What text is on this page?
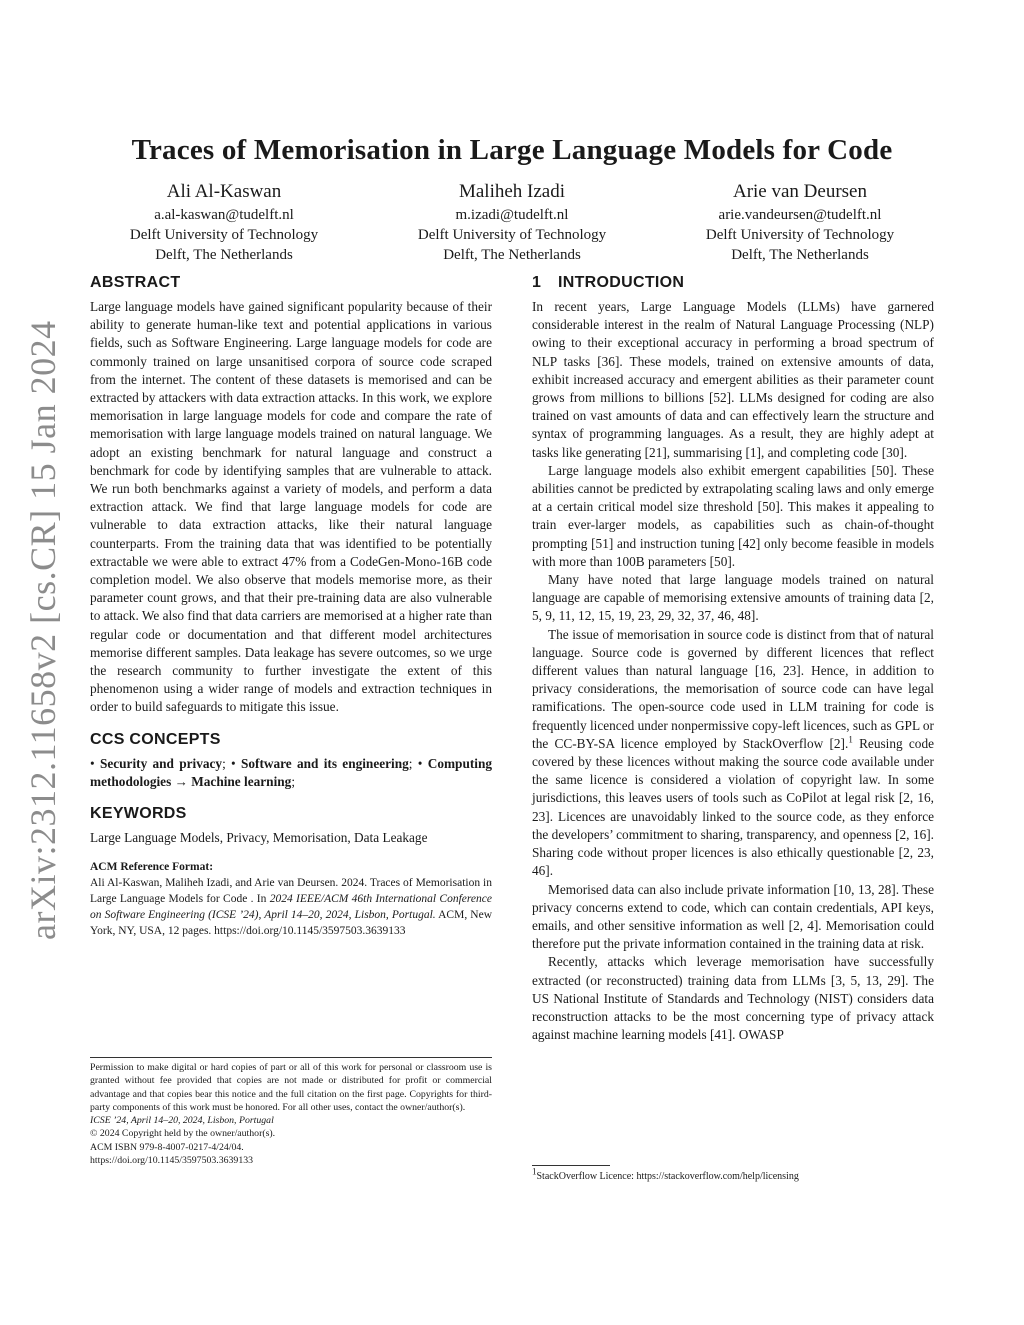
arXiv:2312.11658v2 [cs.CR] 15 Jan 2024
Traces of Memorisation in Large Language Models for Code
Ali Al-Kaswan
a.al-kaswan@tudelft.nl
Delft University of Technology
Delft, The Netherlands
Maliheh Izadi
m.izadi@tudelft.nl
Delft University of Technology
Delft, The Netherlands
Arie van Deursen
arie.vandeursen@tudelft.nl
Delft University of Technology
Delft, The Netherlands
ABSTRACT

Large language models have gained significant popularity because of their ability to generate human-like text and potential applications in various fields, such as Software Engineering. Large language models for code are commonly trained on large unsanitised corpora of source code scraped from the internet. The content of these datasets is memorised and can be extracted by attackers with data extraction attacks. In this work, we explore memorisation in large language models for code and compare the rate of memorisation with large language models trained on natural language. We adopt an existing benchmark for natural language and construct a benchmark for code by identifying samples that are vulnerable to attack. We run both benchmarks against a variety of models, and perform a data extraction attack. We find that large language models for code are vulnerable to data extraction attacks, like their natural language counterparts. From the training data that was identified to be potentially extractable we were able to extract 47% from a CodeGen-Mono-16B code completion model. We also observe that models memorise more, as their parameter count grows, and that their pre-training data are also vulnerable to attack. We also find that data carriers are memorised at a higher rate than regular code or documentation and that different model architectures memorise different samples. Data leakage has severe outcomes, so we urge the research community to further investigate the extent of this phenomenon using a wider range of models and extraction techniques in order to build safeguards to mitigate this issue.

CCS CONCEPTS
• Security and privacy; • Software and its engineering; • Computing methodologies → Machine learning;
KEYWORDS
Large Language Models, Privacy, Memorisation, Data Leakage
ACM Reference Format:
Ali Al-Kaswan, Maliheh Izadi, and Arie van Deursen. 2024. Traces of Memorisation in Large Language Models for Code . In 2024 IEEE/ACM 46th International Conference on Software Engineering (ICSE ’24), April 14–20, 2024, Lisbon, Portugal. ACM, New York, NY, USA, 12 pages. https://doi.org/10.1145/3597503.3639133
Permission to make digital or hard copies of part or all of this work for personal or classroom use is granted without fee provided that copies are not made or distributed for profit or commercial advantage and that copies bear this notice and the full citation on the first page. Copyrights for third-party components of this work must be honored. For all other uses, contact the owner/author(s).
ICSE ’24, April 14–20, 2024, Lisbon, Portugal
© 2024 Copyright held by the owner/author(s).
ACM ISBN 979-8-4007-0217-4/24/04.
https://doi.org/10.1145/3597503.3639133
1 INTRODUCTION

In recent years, Large Language Models (LLMs) have garnered considerable interest in the realm of Natural Language Processing (NLP) owing to their exceptional accuracy in performing a broad spectrum of NLP tasks [36]. These models, trained on extensive amounts of data, exhibit increased accuracy and emergent abilities as their parameter count grows from millions to billions [52]. LLMs designed for coding are also trained on vast amounts of data and can effectively learn the structure and syntax of programming languages. As a result, they are highly adept at tasks like generating [21], summarising [1], and completing code [30].

Large language models also exhibit emergent capabilities [50]. These abilities cannot be predicted by extrapolating scaling laws and only emerge at a certain critical model size threshold [50]. This makes it appealing to train ever-larger models, as capabilities such as chain-of-thought prompting [51] and instruction tuning [42] only become feasible in models with more than 100B parameters [50].

Many have noted that large language models trained on natural language are capable of memorising extensive amounts of training data [2, 5, 9, 11, 12, 15, 19, 23, 29, 32, 37, 46, 48].

The issue of memorisation in source code is distinct from that of natural language. Source code is governed by different licences that reflect different values than natural language [16, 23]. Hence, in addition to privacy considerations, the memorisation of source code can have legal ramifications. The open-source code used in LLM training for code is frequently licenced under nonpermissive copy-left licences, such as GPL or the CC-BY-SA licence employed by StackOverflow [2].$^1$ Reusing code covered by these licences without making the source code available under the same licence is considered a violation of copyright law. In some jurisdictions, this leaves users of tools such as CoPilot at legal risk [2, 16, 23]. Licences are unavoidably linked to the source code, as they enforce the developers’ commitment to sharing, transparency, and openness [2, 16]. Sharing code without proper licences is also ethically questionable [2, 23, 46].

Memorised data can also include private information [10, 13, 28]. These privacy concerns extend to code, which can contain credentials, API keys, emails, and other sensitive information as well [2, 4]. Memorisation could therefore put the private information contained in the training data at risk.

Recently, attacks which leverage memorisation have successfully extracted (or reconstructed) training data from LLMs [3, 5, 13, 29]. The US National Institute of Standards and Technology (NIST) considers data reconstruction attacks to be the most concerning type of privacy attack against machine learning models [41]. OWASP

$^1$StackOverflow Licence: https://stackoverflow.com/help/licensing
